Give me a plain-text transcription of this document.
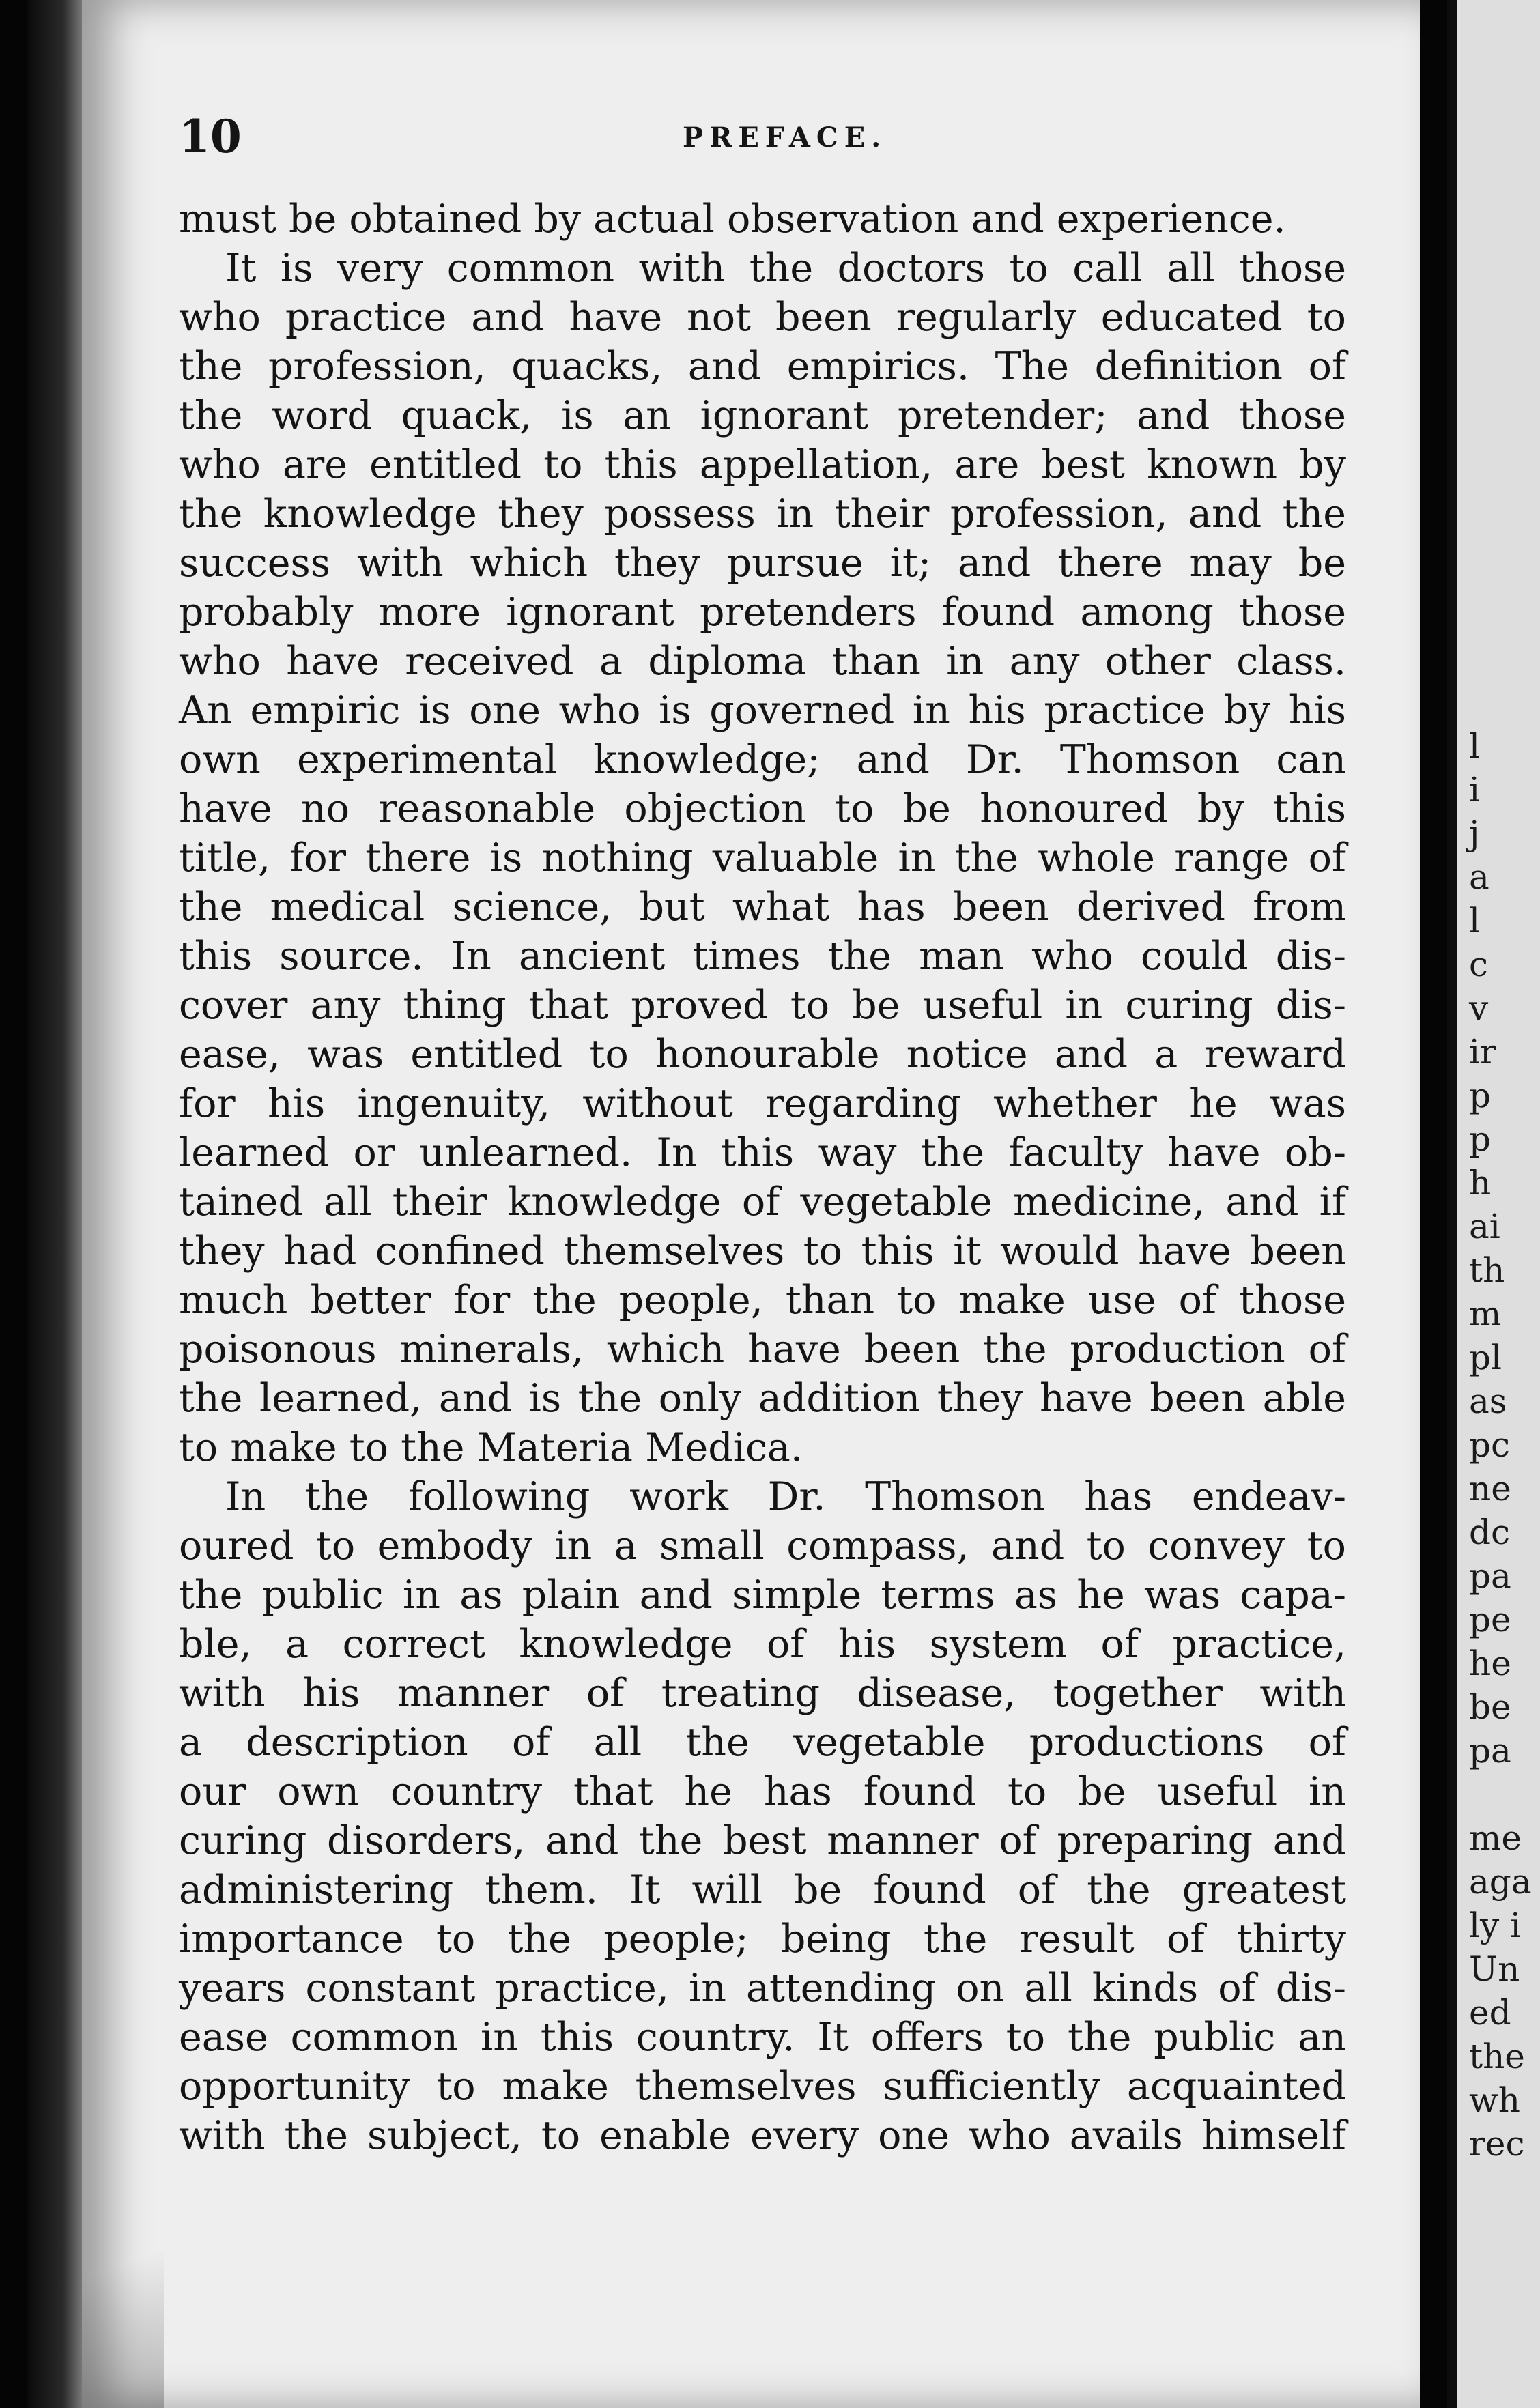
10	PREFACE.
must be obtained by actual observation and experience.
It is very common with the doctors to call all those
who practice and have not been regularly educated to
the profession, quacks, and empirics. The definition of
the word quack, is an ignorant pretender; and those
who are entitled to this appellation, are best known by
the knowledge they possess in their profession, and the
success with which they pursue it; and there may be
probably more ignorant pretenders found among those
who have received a diploma than in any other class.
An empiric is one who is governed in his practice by his
own experimental knowledge; and Dr. Thomson can
have no reasonable objection to be honoured by this
title, for there is nothing valuable in the whole range of
the medical science, but what has been derived from
this source. In ancient times the man who could dis-
cover any thing that proved to be useful in curing dis-
ease, was entitled to honourable notice and a reward
for his ingenuity, without regarding whether he was
learned or unlearned. In this way the faculty have ob-
tained all their knowledge of vegetable medicine, and if
they had confined themselves to this it would have been
much better for the people, than to make use of those
poisonous minerals, which have been the production of
the learned, and is the only addition they have been able
to make to the Materia Medica.
In the following work Dr. Thomson has endeav-
oured to embody in a small compass, and to convey to
the public in as plain and simple terms as he was capa-
ble, a correct knowledge of his system of practice,
with his manner of treating disease, together with
a description of all the vegetable productions of
our own country that he has found to be useful in
curing disorders, and the best manner of preparing and
administering them. It will be found of the greatest
importance to the people; being the result of thirty
years constant practice, in attending on all kinds of dis-
ease common in this country. It offers to the public an
opportunity to make themselves sufficiently acquainted
with the subject, to enable every one who avails himself
l
i
j
a
l
c
v
ir
p
p
h
ai
th
m
pl
as
pc
ne
dc
pa
pe
he
be
pa
me
aga
ly i
Un
ed
the
wh
rec
